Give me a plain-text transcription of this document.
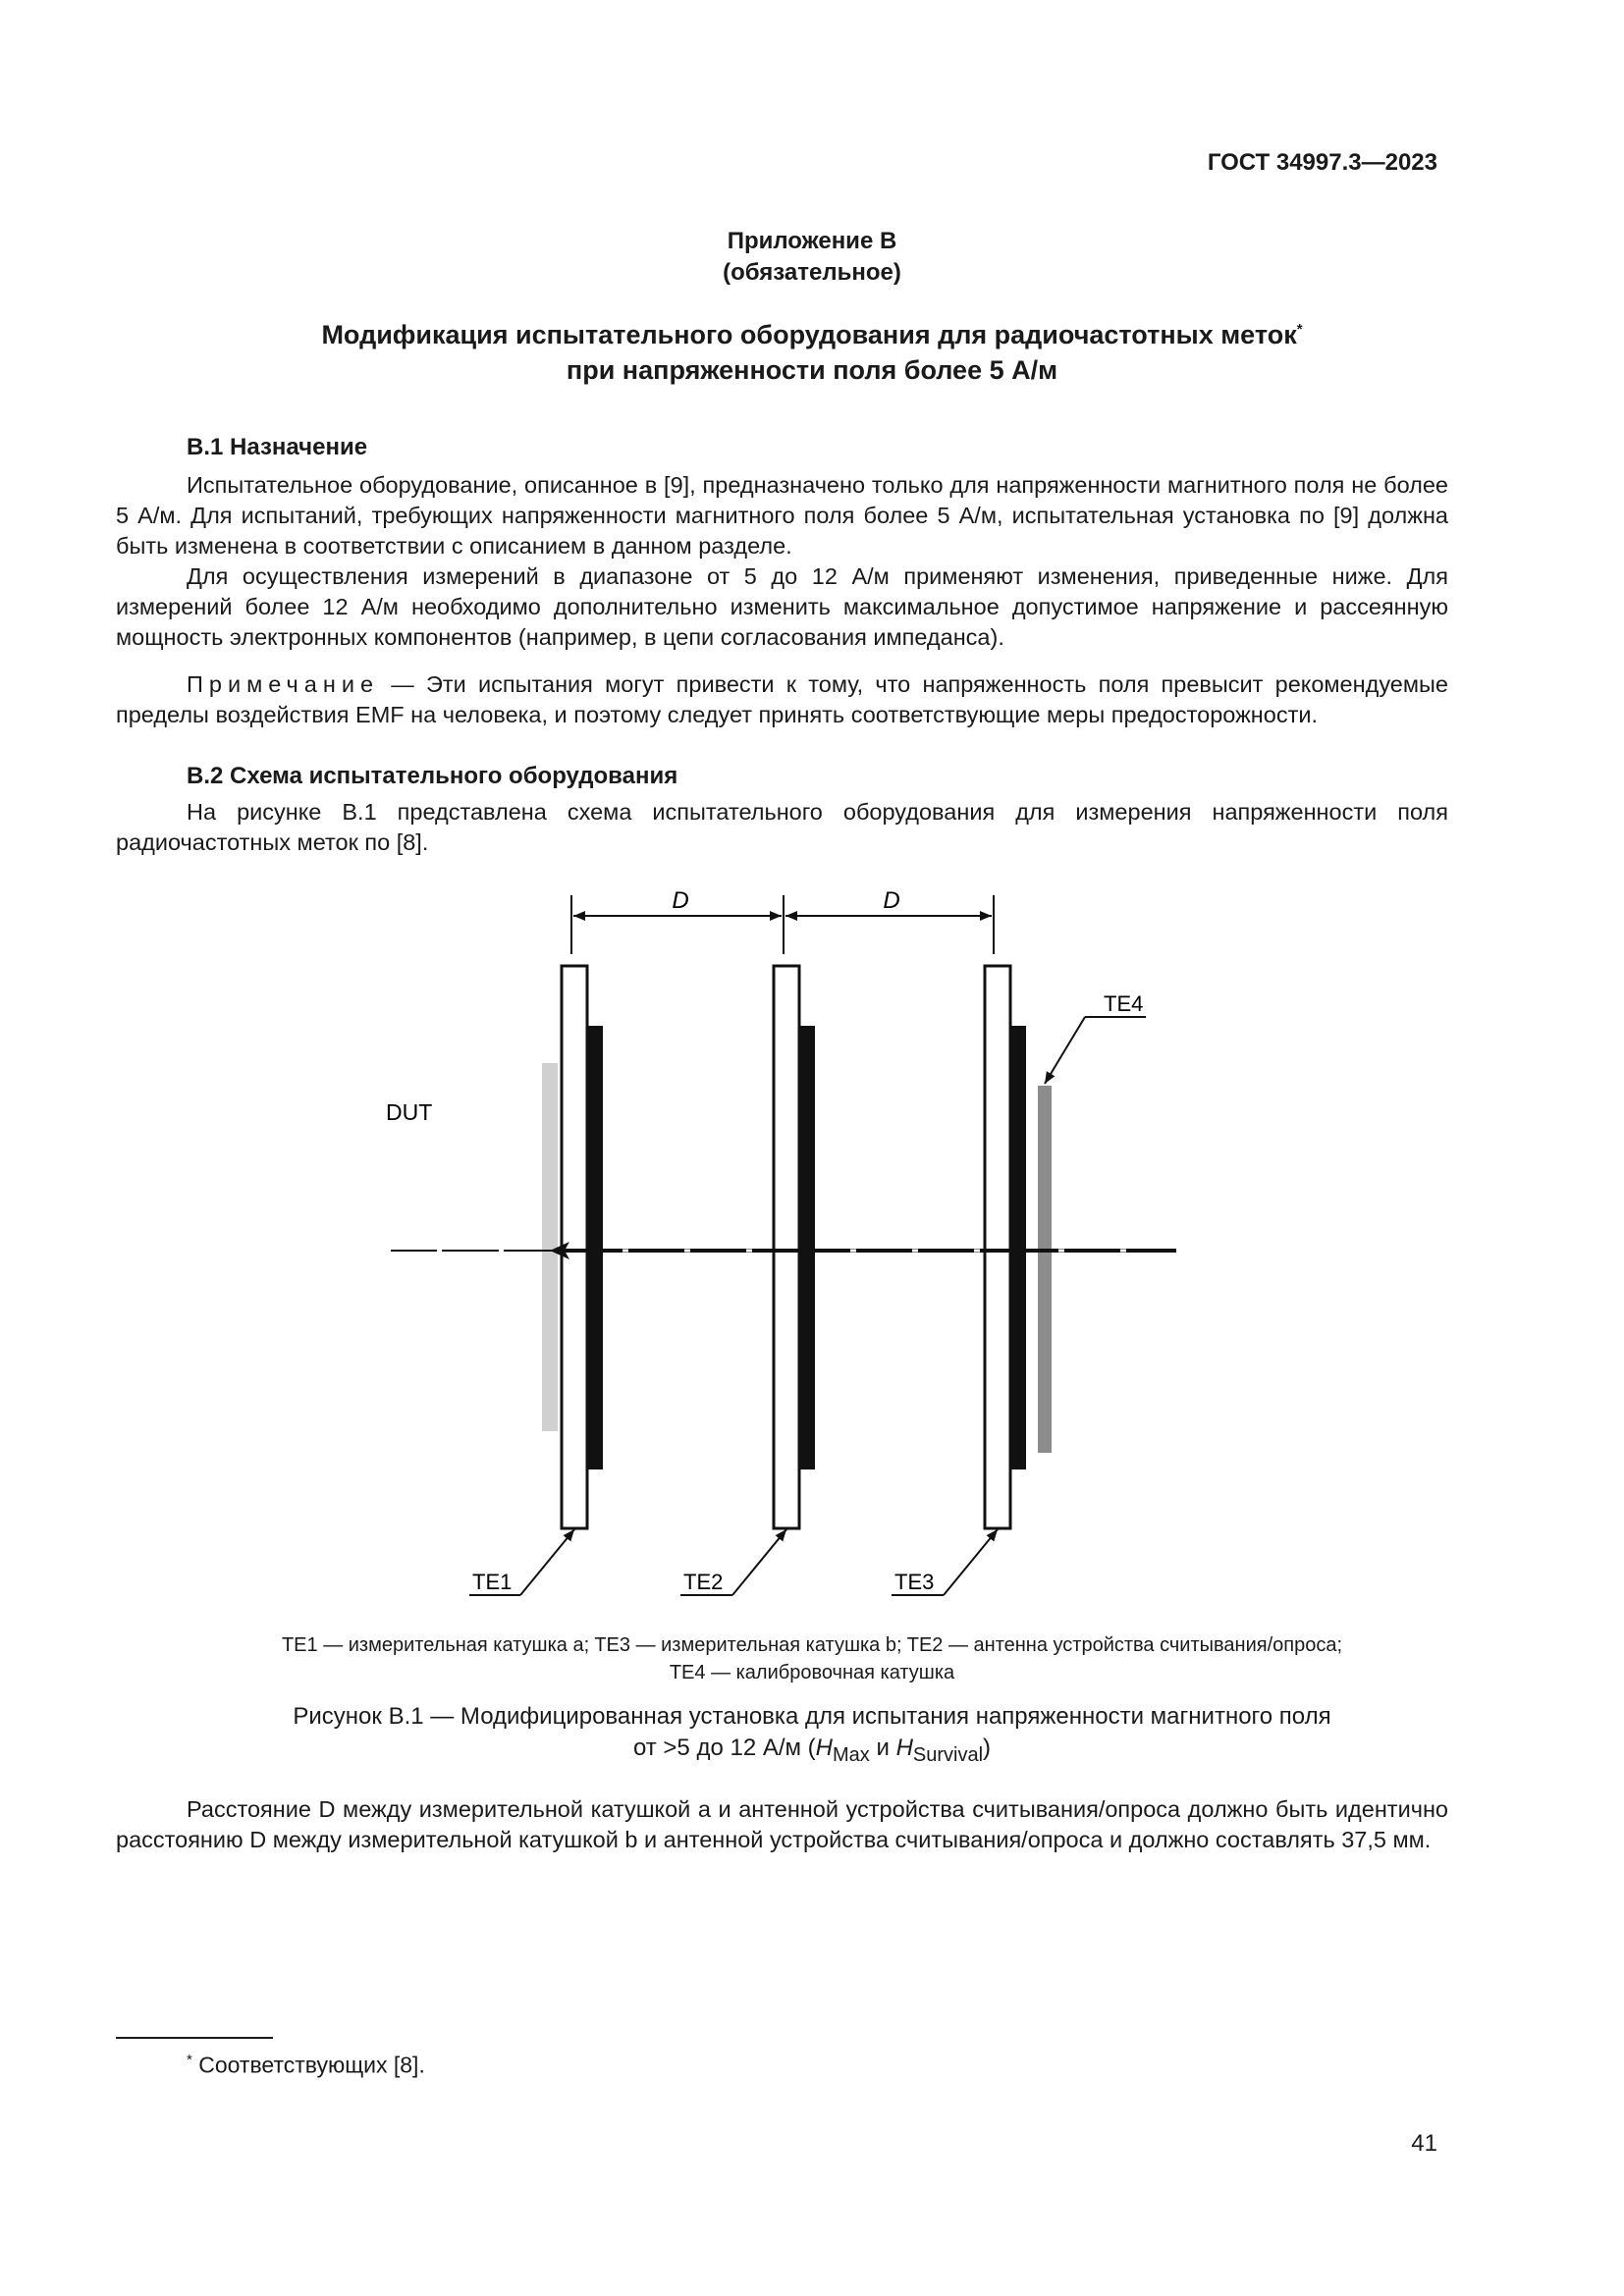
ГОСТ 34997.3—2023
Приложение В
(обязательное)
Модификация испытательного оборудования для радиочастотных меток*
при напряженности поля более 5 А/м
В.1 Назначение
Испытательное оборудование, описанное в [9], предназначено только для напряженности магнитного поля не более 5 А/м. Для испытаний, требующих напряженности магнитного поля более 5 А/м, испытательная установка по [9] должна быть изменена в соответствии с описанием в данном разделе.
Для осуществления измерений в диапазоне от 5 до 12 А/м применяют изменения, приведенные ниже. Для измерений более 12 А/м необходимо дополнительно изменить максимальное допустимое напряжение и рассеянную мощность электронных компонентов (например, в цепи согласования импеданса).
Примечание — Эти испытания могут привести к тому, что напряженность поля превысит рекомендуемые пределы воздействия EMF на человека, и поэтому следует принять соответствующие меры предосторожности.
В.2 Схема испытательного оборудования
На рисунке В.1 представлена схема испытательного оборудования для измерения напряженности поля радиочастотных меток по [8].
D	D
DUT
TE4
TE1	TE2	TE3
TE1 — измерительная катушка a; TE3 — измерительная катушка b; TE2 — антенна устройства считывания/опроса;
TE4 — калибровочная катушка
Рисунок В.1 — Модифицированная установка для испытания напряженности магнитного поля
от >5 до 12 А/м ($H_{Max}$ и $H_{Survival}$)
Расстояние D между измерительной катушкой a и антенной устройства считывания/опроса должно быть идентично расстоянию D между измерительной катушкой b и антенной устройства считывания/опроса и должно составлять 37,5 мм.
* Соответствующих [8].
41
